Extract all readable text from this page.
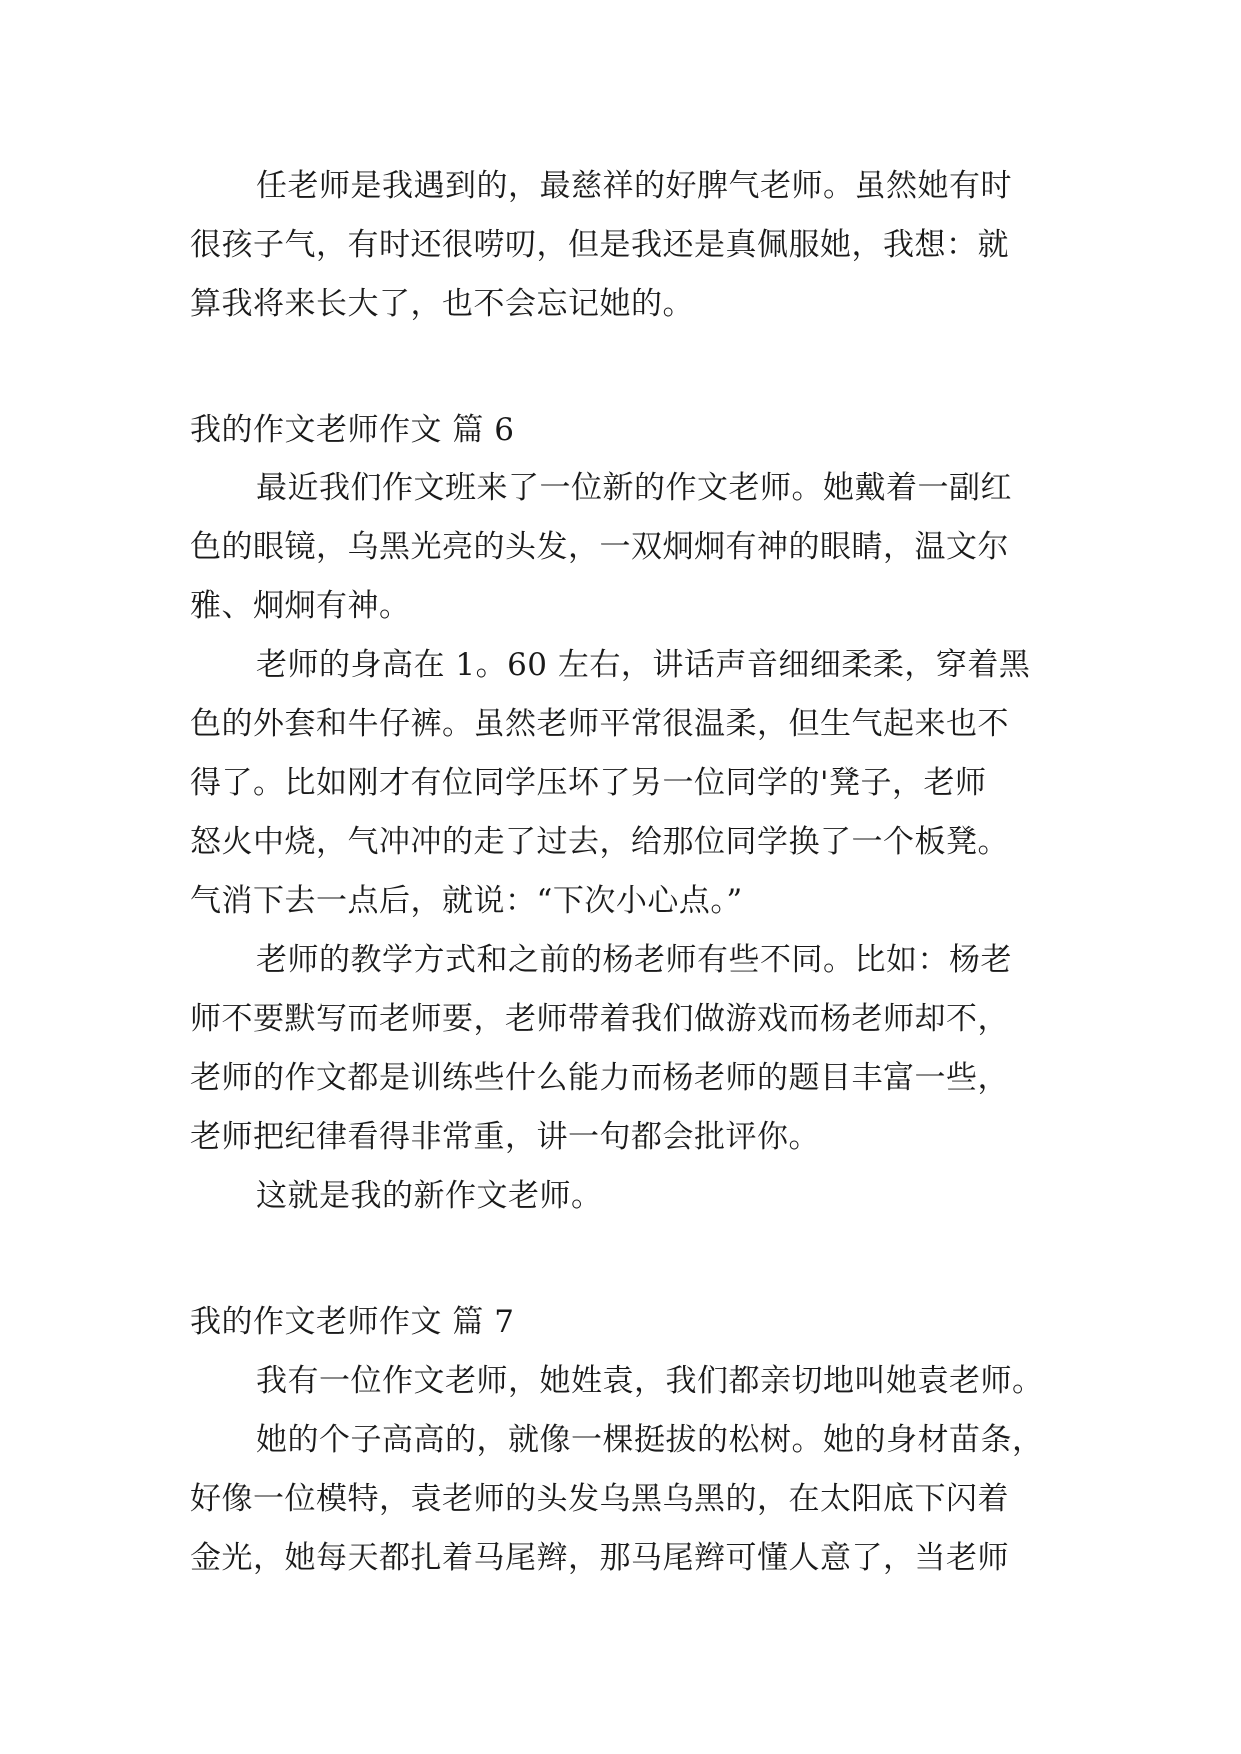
任老师是我遇到的，最慈祥的好脾气老师。虽然她有时
很孩子气，有时还很唠叨，但是我还是真佩服她，我想：就
算我将来长大了，也不会忘记她的。
我的作文老师作文 篇 6
最近我们作文班来了一位新的作文老师。她戴着一副红
色的眼镜，乌黑光亮的头发，一双炯炯有神的眼睛，温文尔
雅、炯炯有神。
老师的身高在 1。60 左右，讲话声音细细柔柔，穿着黑
色的外套和牛仔裤。虽然老师平常很温柔，但生气起来也不
得了。比如刚才有位同学压坏了另一位同学的'凳子，老师
怒火中烧，气冲冲的走了过去，给那位同学换了一个板凳。
气消下去一点后，就说：“下次小心点。”
老师的教学方式和之前的杨老师有些不同。比如：杨老
师不要默写而老师要，老师带着我们做游戏而杨老师却不，
老师的作文都是训练些什么能力而杨老师的题目丰富一些，
老师把纪律看得非常重，讲一句都会批评你。
这就是我的新作文老师。
我的作文老师作文 篇 7
我有一位作文老师，她姓袁，我们都亲切地叫她袁老师。
她的个子高高的，就像一棵挺拔的松树。她的身材苗条，
好像一位模特，袁老师的头发乌黑乌黑的，在太阳底下闪着
金光，她每天都扎着马尾辫，那马尾辫可懂人意了，当老师
